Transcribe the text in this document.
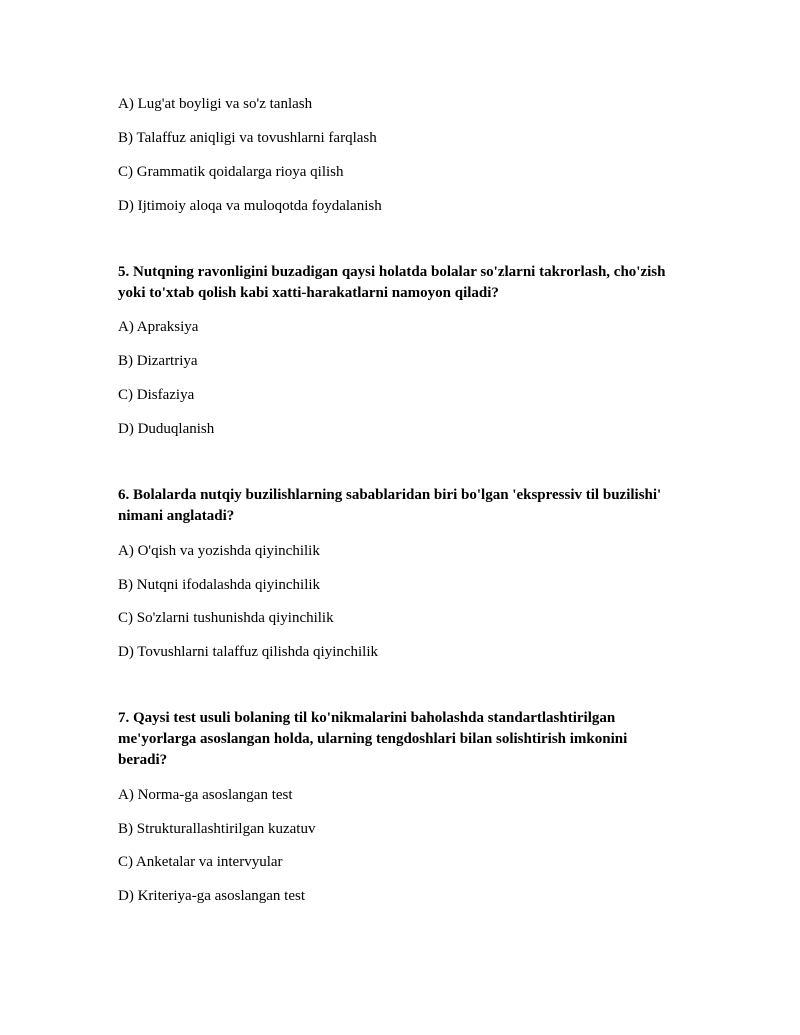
A) Lug'at boyligi va so'z tanlash
B) Talaffuz aniqligi va tovushlarni farqlash
C) Grammatik qoidalarga rioya qilish
D) Ijtimoiy aloqa va muloqotda foydalanish
5. Nutqning ravonligini buzadigan qaysi holatda bolalar so'zlarni takrorlash, cho'zish yoki to'xtab qolish kabi xatti-harakatlarni namoyon qiladi?
A) Apraksiya
B) Dizartriya
C) Disfaziya
D) Duduqlanish
6. Bolalarda nutqiy buzilishlarning sabablaridan biri bo'lgan 'ekspressiv til buzilishi' nimani anglatadi?
A) O'qish va yozishda qiyinchilik
B) Nutqni ifodalashda qiyinchilik
C) So'zlarni tushunishda qiyinchilik
D) Tovushlarni talaffuz qilishda qiyinchilik
7. Qaysi test usuli bolaning til ko'nikmalarini baholashda standartlashtirilgan me'yorlarga asoslangan holda, ularning tengdoshlari bilan solishtirish imkonini beradi?
A) Norma-ga asoslangan test
B) Strukturallashtirilgan kuzatuv
C) Anketalar va intervyular
D) Kriteriya-ga asoslangan test
